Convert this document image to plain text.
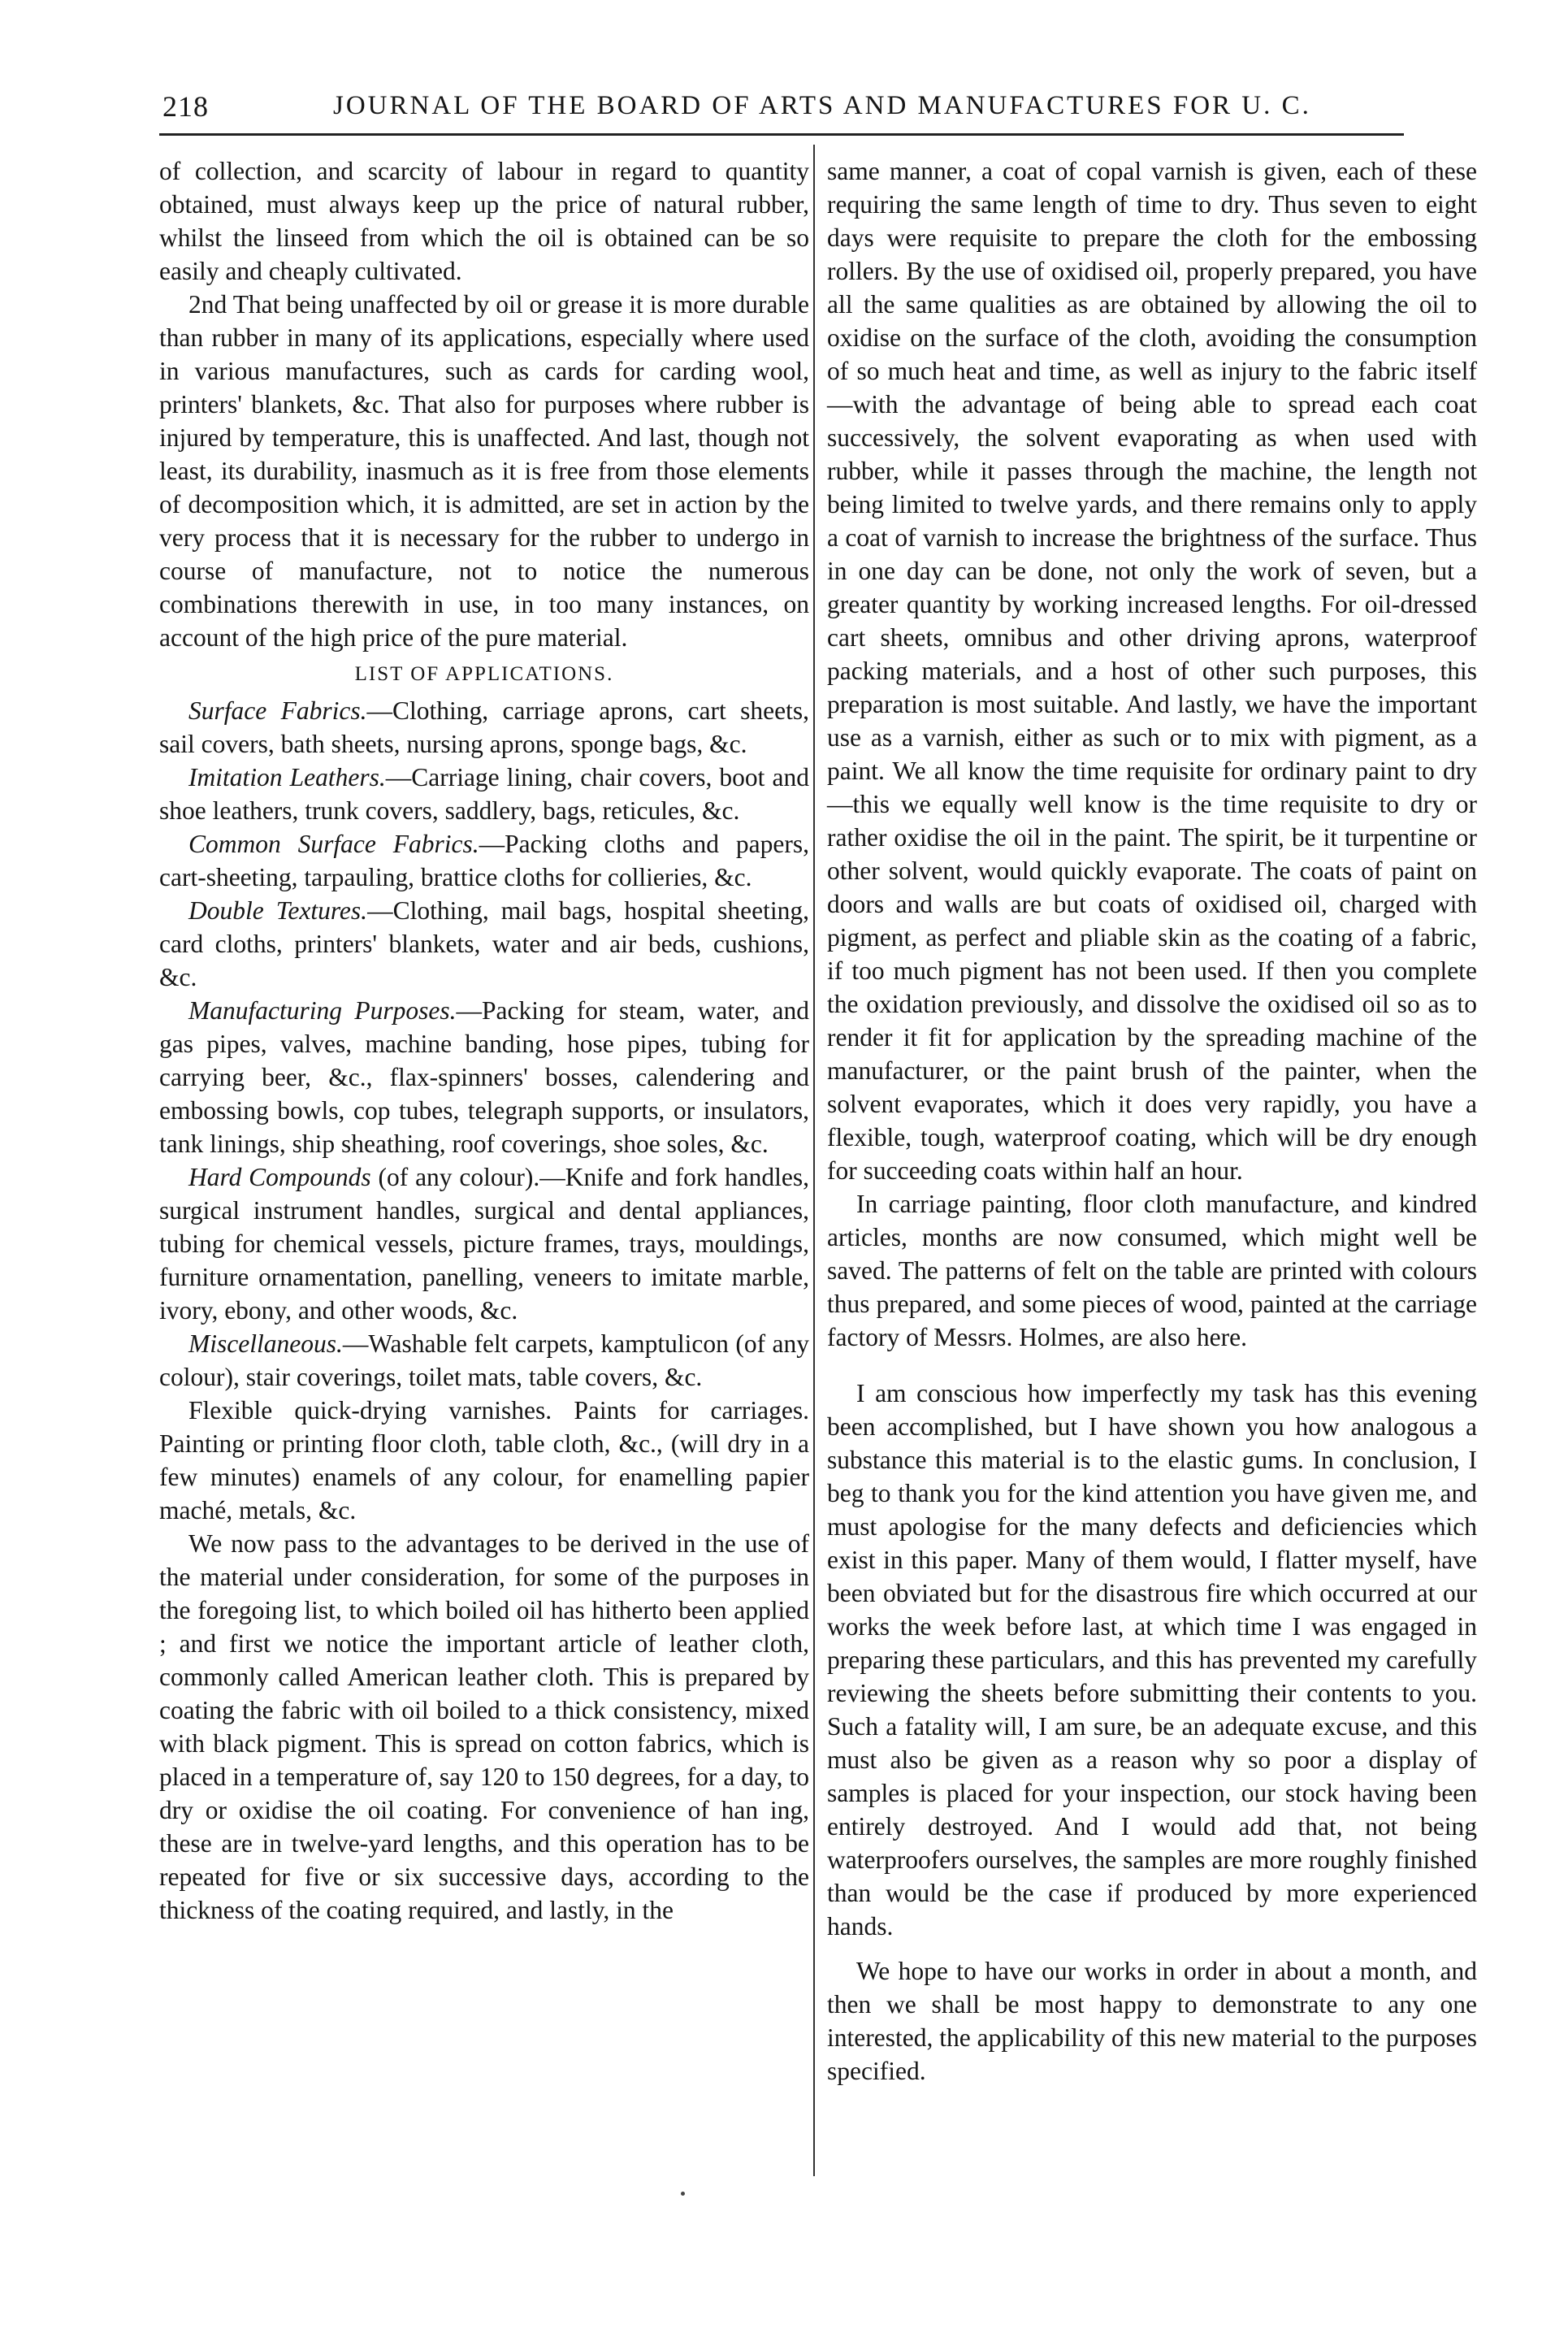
218	JOURNAL OF THE BOARD OF ARTS AND MANUFACTURES FOR U. C.

of collection, and scarcity of labour in regard to quantity obtained, must always keep up the price of natural rubber, whilst the linseed from which the oil is obtained can be so easily and cheaply cultivated.

2nd That being unaffected by oil or grease it is more durable than rubber in many of its applications, especially where used in various manufactures, such as cards for carding wool, printers' blankets, &c. That also for purposes where rubber is injured by temperature, this is unaffected. And last, though not least, its durability, inasmuch as it is free from those elements of decomposition which, it is admitted, are set in action by the very process that it is necessary for the rubber to undergo in course of manufacture, not to notice the numerous combinations therewith in use, in too many instances, on account of the high price of the pure material.

LIST OF APPLICATIONS.

Surface Fabrics.—Clothing, carriage aprons, cart sheets, sail covers, bath sheets, nursing aprons, sponge bags, &c.

Imitation Leathers.—Carriage lining, chair covers, boot and shoe leathers, trunk covers, saddlery, bags, reticules, &c.

Common Surface Fabrics.—Packing cloths and papers, cart-sheeting, tarpauling, brattice cloths for collieries, &c.

Double Textures.—Clothing, mail bags, hospital sheeting, card cloths, printers' blankets, water and air beds, cushions, &c.

Manufacturing Purposes.—Packing for steam, water, and gas pipes, valves, machine banding, hose pipes, tubing for carrying beer, &c., flax-spinners' bosses, calendering and embossing bowls, cop tubes, telegraph supports, or insulators, tank linings, ship sheathing, roof coverings, shoe soles, &c.

Hard Compounds (of any colour).—Knife and fork handles, surgical instrument handles, surgical and dental appliances, tubing for chemical vessels, picture frames, trays, mouldings, furniture ornamentation, panelling, veneers to imitate marble, ivory, ebony, and other woods, &c.

Miscellaneous.—Washable felt carpets, kamptulicon (of any colour), stair coverings, toilet mats, table covers, &c.

Flexible quick-drying varnishes. Paints for carriages. Painting or printing floor cloth, table cloth, &c., (will dry in a few minutes) enamels of any colour, for enamelling papier maché, metals, &c.

We now pass to the advantages to be derived in the use of the material under consideration, for some of the purposes in the foregoing list, to which boiled oil has hitherto been applied ; and first we notice the important article of leather cloth, commonly called American leather cloth. This is prepared by coating the fabric with oil boiled to a thick consistency, mixed with black pigment. This is spread on cotton fabrics, which is placed in a temperature of, say 120 to 150 degrees, for a day, to dry or oxidise the oil coating. For convenience of han ing, these are in twelve-yard lengths, and this operation has to be repeated for five or six successive days, according to the thickness of the coating required, and lastly, in the

same manner, a coat of copal varnish is given, each of these requiring the same length of time to dry. Thus seven to eight days were requisite to prepare the cloth for the embossing rollers. By the use of oxidised oil, properly prepared, you have all the same qualities as are obtained by allowing the oil to oxidise on the surface of the cloth, avoiding the consumption of so much heat and time, as well as injury to the fabric itself—with the advantage of being able to spread each coat successively, the solvent evaporating as when used with rubber, while it passes through the machine, the length not being limited to twelve yards, and there remains only to apply a coat of varnish to increase the brightness of the surface. Thus in one day can be done, not only the work of seven, but a greater quantity by working increased lengths. For oil-dressed cart sheets, omnibus and other driving aprons, waterproof packing materials, and a host of other such purposes, this preparation is most suitable. And lastly, we have the important use as a varnish, either as such or to mix with pigment, as a paint. We all know the time requisite for ordinary paint to dry—this we equally well know is the time requisite to dry or rather oxidise the oil in the paint. The spirit, be it turpentine or other solvent, would quickly evaporate. The coats of paint on doors and walls are but coats of oxidised oil, charged with pigment, as perfect and pliable skin as the coating of a fabric, if too much pigment has not been used. If then you complete the oxidation previously, and dissolve the oxidised oil so as to render it fit for application by the spreading machine of the manufacturer, or the paint brush of the painter, when the solvent evaporates, which it does very rapidly, you have a flexible, tough, waterproof coating, which will be dry enough for succeeding coats within half an hour.

In carriage painting, floor cloth manufacture, and kindred articles, months are now consumed, which might well be saved. The patterns of felt on the table are printed with colours thus prepared, and some pieces of wood, painted at the carriage factory of Messrs. Holmes, are also here.

I am conscious how imperfectly my task has this evening been accomplished, but I have shown you how analogous a substance this material is to the elastic gums. In conclusion, I beg to thank you for the kind attention you have given me, and must apologise for the many defects and deficiencies which exist in this paper. Many of them would, I flatter myself, have been obviated but for the disastrous fire which occurred at our works the week before last, at which time I was engaged in preparing these particulars, and this has prevented my carefully reviewing the sheets before submitting their contents to you. Such a fatality will, I am sure, be an adequate excuse, and this must also be given as a reason why so poor a display of samples is placed for your inspection, our stock having been entirely destroyed. And I would add that, not being waterproofers ourselves, the samples are more roughly finished than would be the case if produced by more experienced hands.

We hope to have our works in order in about a month, and then we shall be most happy to demonstrate to any one interested, the applicability of this new material to the purposes specified.
